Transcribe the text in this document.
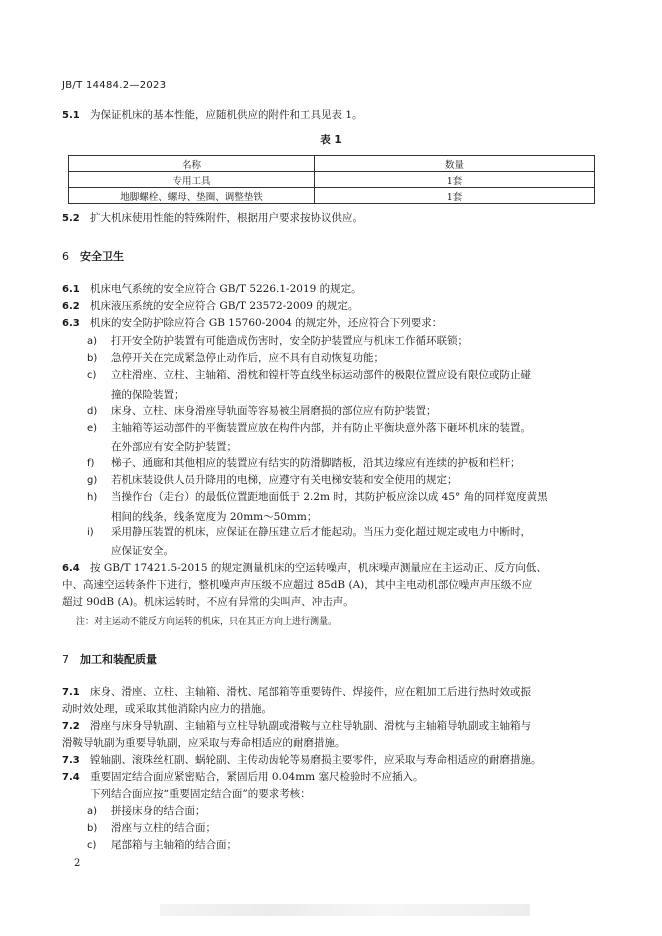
JB/T 14484.2—2023
5.1 为保证机床的基本性能，应随机供应的附件和工具见表 1。
表 1
名称	数量
专用工具	1套
地脚螺栓、螺母、垫圈、调整垫铁	1套
5.2 扩大机床使用性能的特殊附件，根据用户要求按协议供应。
6 安全卫生
6.1 机床电气系统的安全应符合 GB/T 5226.1-2019 的规定。
6.2 机床液压系统的安全应符合 GB/T 23572-2009 的规定。
6.3 机床的安全防护除应符合 GB 15760-2004 的规定外，还应符合下列要求：
a) 打开安全防护装置有可能造成伤害时，安全防护装置应与机床工作循环联锁；
b) 急停开关在完成紧急停止动作后，应不具有自动恢复功能；
c) 立柱滑座、立柱、主轴箱、滑枕和镗杆等直线坐标运动部件的极限位置应设有限位或防止碰
撞的保险装置；
d) 床身、立柱、床身滑座导轨面等容易被尘屑磨损的部位应有防护装置；
e) 主轴箱等运动部件的平衡装置应放在构件内部，并有防止平衡块意外落下砸坏机床的装置。
在外部应有安全防护装置；
f) 梯子、通廊和其他相应的装置应有结实的防滑脚踏板，沿其边缘应有连续的护板和栏杆；
g) 若机床装设供人员升降用的电梯，应遵守有关电梯安装和安全使用的规定；
h) 当操作台（走台）的最低位置距地面低于 2.2m 时，其防护板应涂以成 45° 角的同样宽度黄黑
相间的线条，线条宽度为 20mm～50mm；
i) 采用静压装置的机床，应保证在静压建立后才能起动。当压力变化超过规定或电力中断时，
应保证安全。
6.4 按 GB/T 17421.5-2015 的规定测量机床的空运转噪声，机床噪声测量应在主运动正、反方向低、
中、高速空运转条件下进行，整机噪声声压级不应超过 85dB (A)，其中主电动机部位噪声声压级不应
超过 90dB (A)。机床运转时，不应有异常的尖叫声、冲击声。
注：对主运动不能反方向运转的机床，只在其正方向上进行测量。
7 加工和装配质量
7.1 床身、滑座、立柱、主轴箱、滑枕、尾部箱等重要铸件、焊接件，应在粗加工后进行热时效或振
动时效处理，或采取其他消除内应力的措施。
7.2 滑座与床身导轨副、主轴箱与立柱导轨副或滑鞍与立柱导轨副、滑枕与主轴箱导轨副或主轴箱与
滑鞍导轨副为重要导轨副，应采取与寿命相适应的耐磨措施。
7.3 镗轴副、滚珠丝杠副、蜗轮副、主传动齿轮等易磨损主要零件，应采取与寿命相适应的耐磨措施。
7.4 重要固定结合面应紧密贴合，紧固后用 0.04mm 塞尺检验时不应插入。
下列结合面应按“重要固定结合面”的要求考核：
a) 拼接床身的结合面；
b) 滑座与立柱的结合面；
c) 尾部箱与主轴箱的结合面；
2
